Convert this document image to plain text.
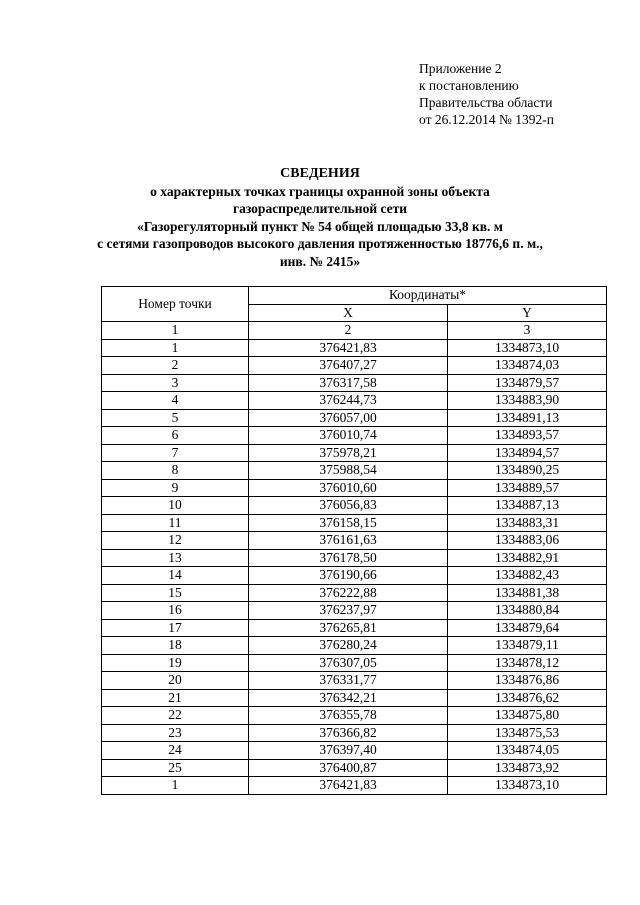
Приложение 2
к постановлению
Правительства области
от 26.12.2014 № 1392-п
СВЕДЕНИЯ
о характерных точках границы охранной зоны объекта
газораспределительной сети
«Газорегуляторный пункт № 54 общей площадью 33,8 кв. м
с сетями газопроводов высокого давления протяженностью 18776,6 п. м.,
инв. № 2415»
Номер точки	Координаты*	
	X	Y
1	2	3
1	376421,83	1334873,10
2	376407,27	1334874,03
3	376317,58	1334879,57
4	376244,73	1334883,90
5	376057,00	1334891,13
6	376010,74	1334893,57
7	375978,21	1334894,57
8	375988,54	1334890,25
9	376010,60	1334889,57
10	376056,83	1334887,13
11	376158,15	1334883,31
12	376161,63	1334883,06
13	376178,50	1334882,91
14	376190,66	1334882,43
15	376222,88	1334881,38
16	376237,97	1334880,84
17	376265,81	1334879,64
18	376280,24	1334879,11
19	376307,05	1334878,12
20	376331,77	1334876,86
21	376342,21	1334876,62
22	376355,78	1334875,80
23	376366,82	1334875,53
24	376397,40	1334874,05
25	376400,87	1334873,92
1	376421,83	1334873,10
